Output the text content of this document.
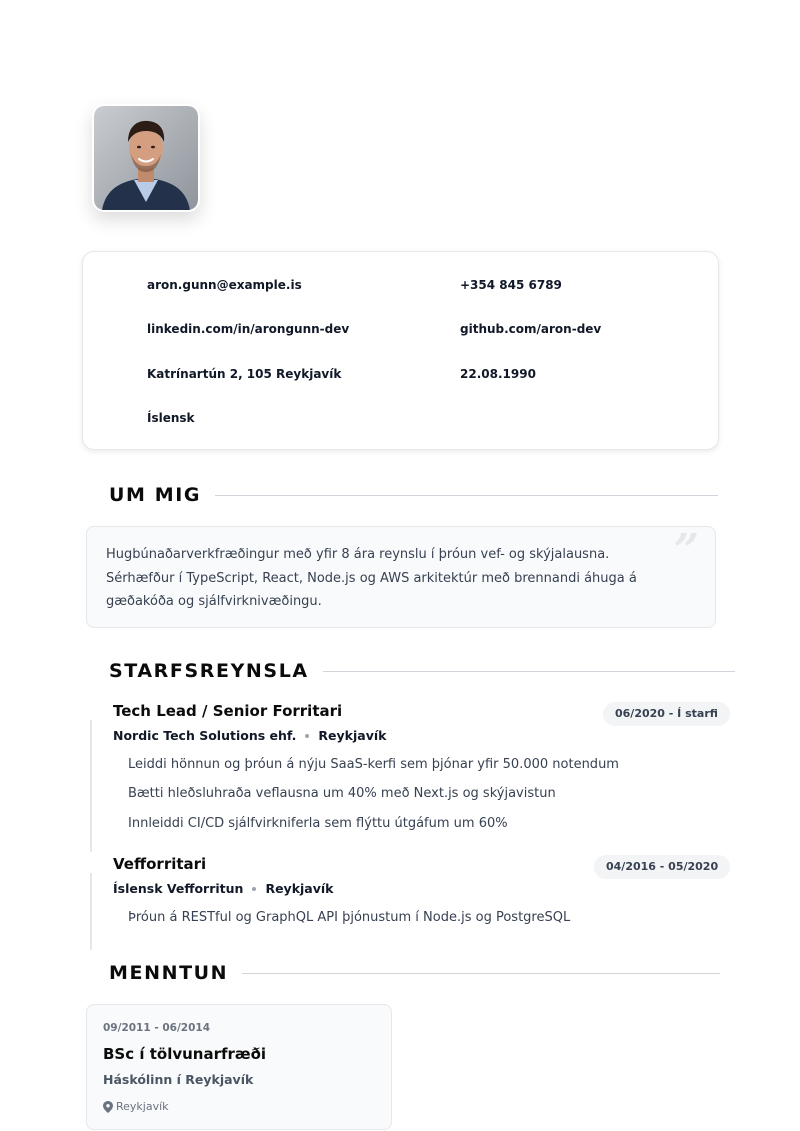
aron.gunn@example.is	+354 845 6789
linkedin.com/in/arongunn-dev	github.com/aron-dev
Katrínartún 2, 105 Reykjavík	22.08.1990
Íslensk
UM MIG
”

Hugbúnaðarverkfræðingur með yfir 8 ára reynslu í þróun vef- og skýjalausna. Sérhæfður í TypeScript, React, Node.js og AWS arkitektúr með brennandi áhuga á gæðakóða og sjálfvirknivæðingu.

STARFSREYNSLA
Tech Lead / Senior Forritari	06/2020 - Í starfi
Nordic Tech Solutions ehf. Reykjavík
Leiddi hönnun og þróun á nýju SaaS-kerfi sem þjónar yfir 50.000 notendum
Bætti hleðsluhraða veflausna um 40% með Next.js og skýjavistun
Innleiddi CI/CD sjálfvirkniferla sem flýttu útgáfum um 60%
Vefforritari	04/2016 - 05/2020
Íslensk Vefforritun Reykjavík
Þróun á RESTful og GraphQL API þjónustum í Node.js og PostgreSQL
MENNTUN
09/2011 - 06/2014
BSc í tölvunarfræði
Háskólinn í Reykjavík
Reykjavík
